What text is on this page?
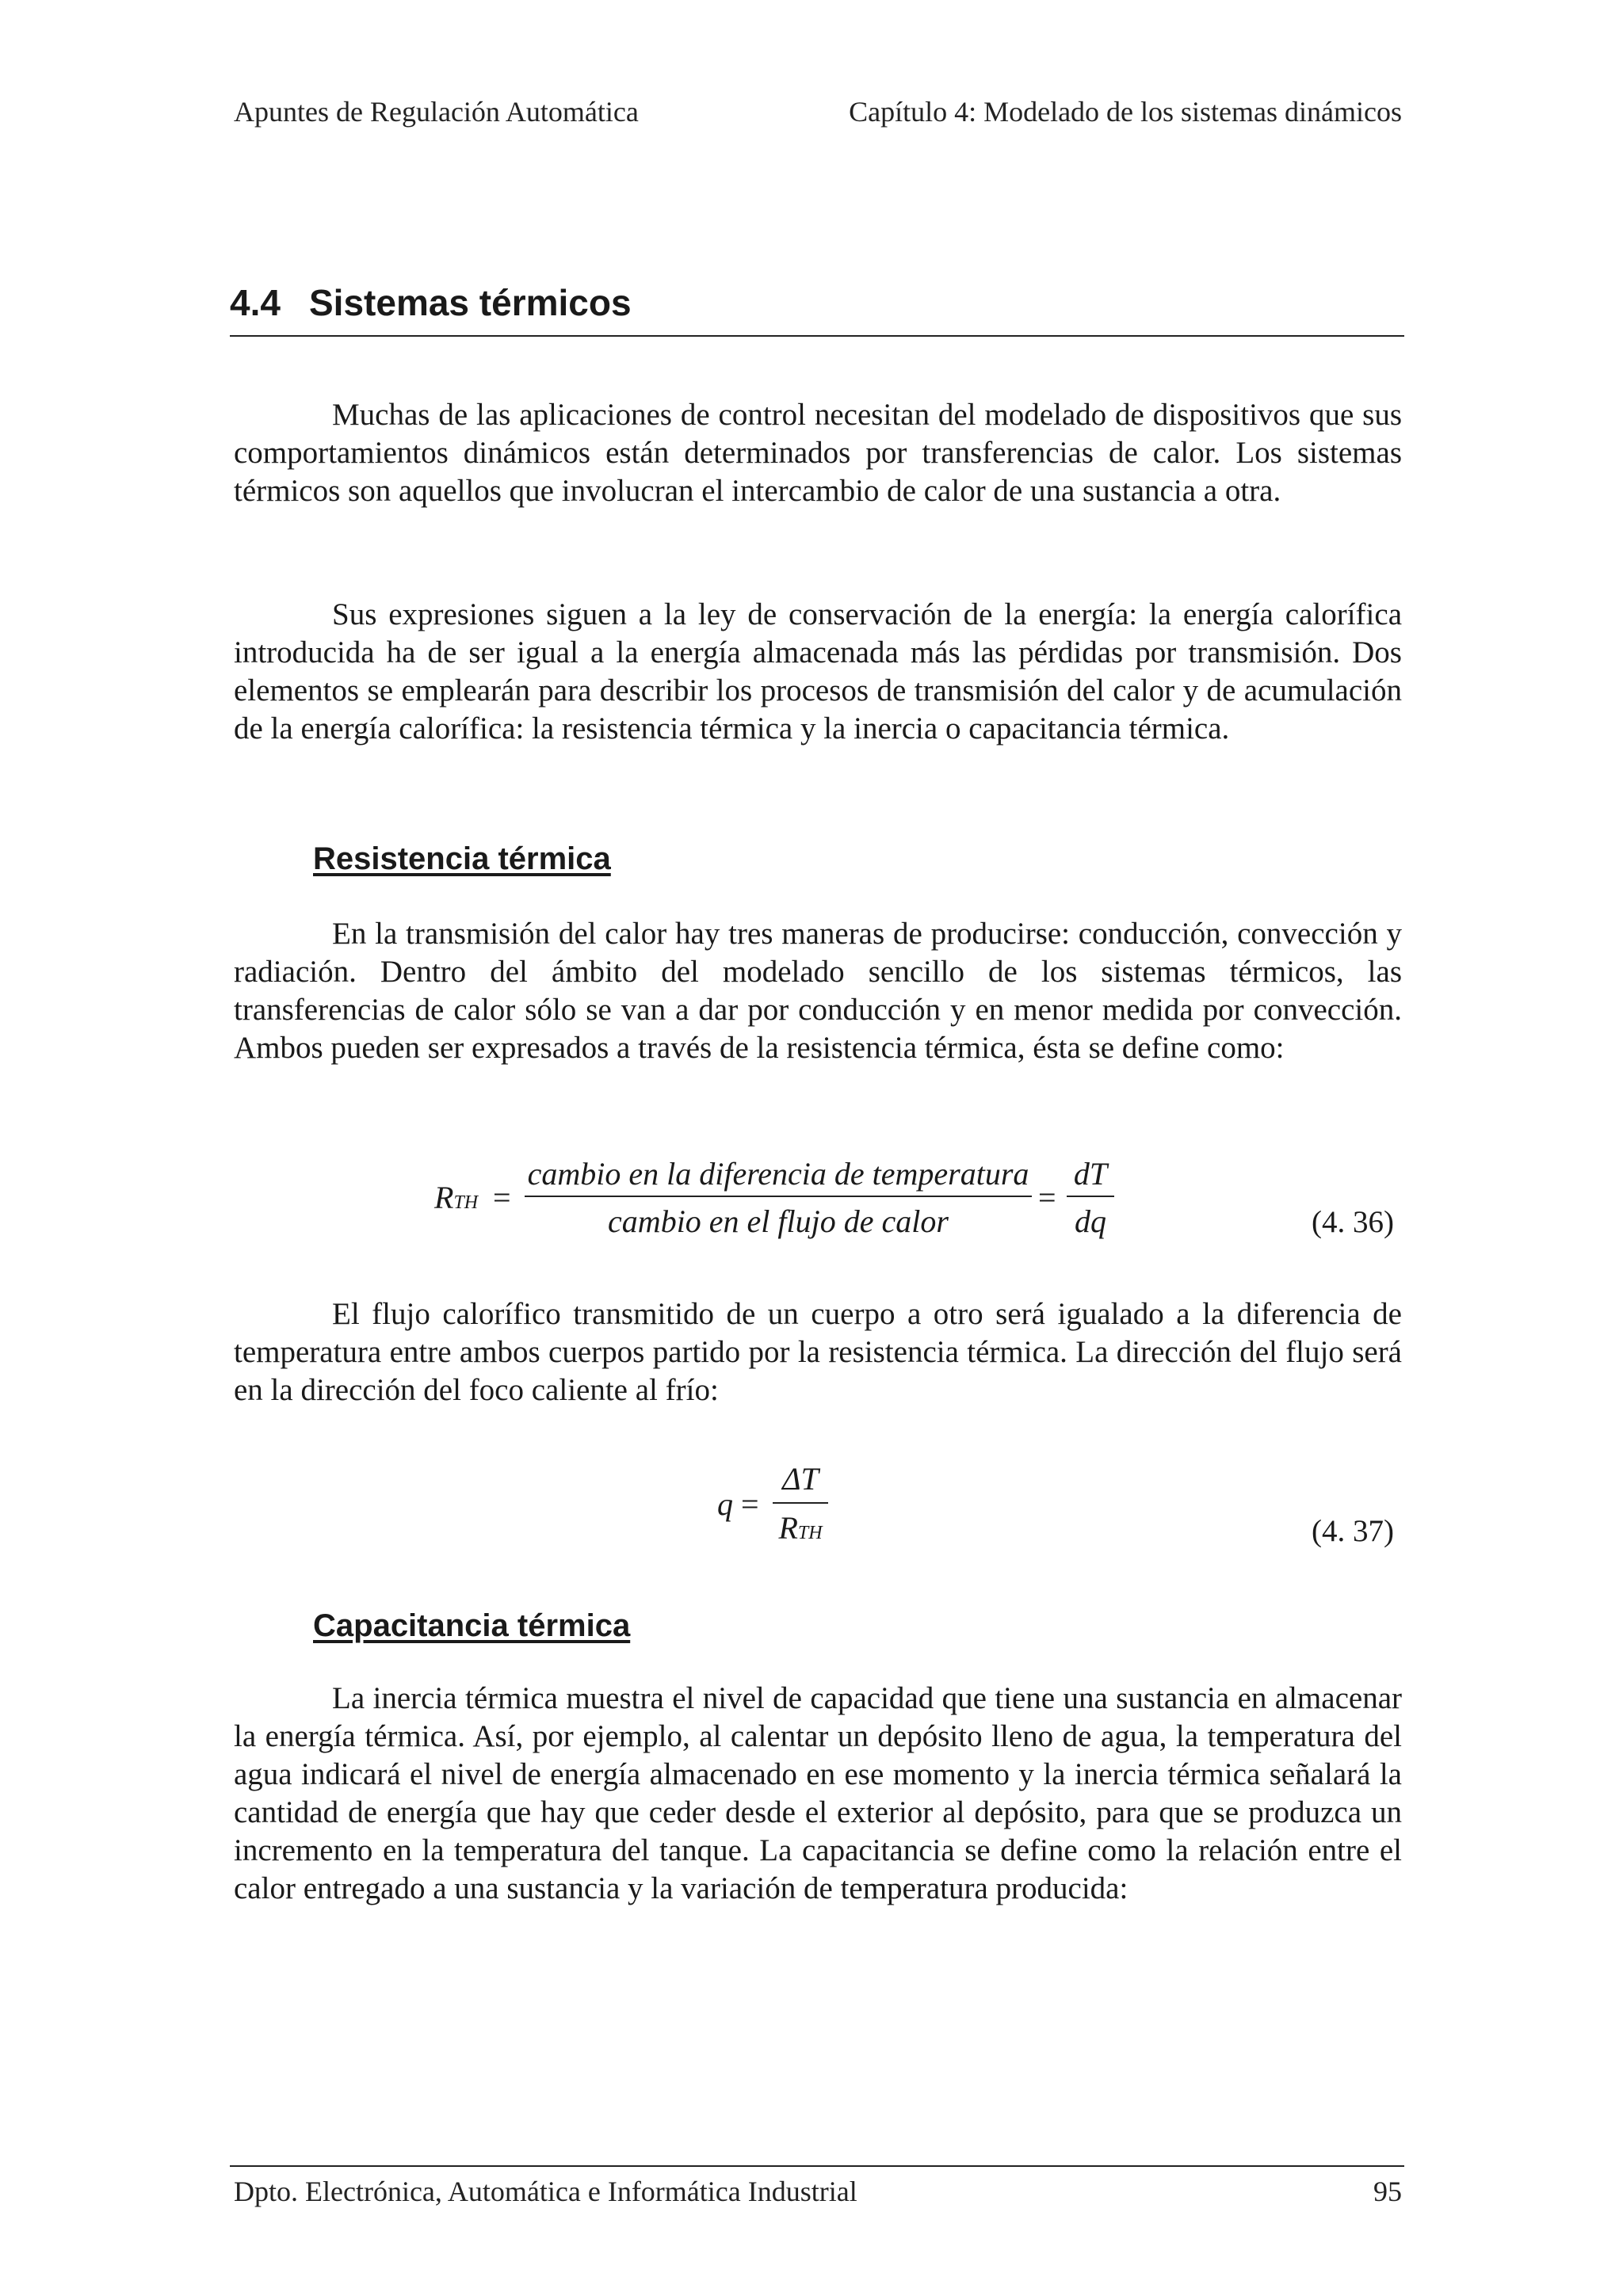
Apuntes de Regulación Automática	Capítulo 4: Modelado de los sistemas dinámicos
4.4 Sistemas térmicos

Muchas de las aplicaciones de control necesitan del modelado de dispositivos que sus comportamientos dinámicos están determinados por transferencias de calor. Los sistemas térmicos son aquellos que involucran el intercambio de calor de una sustancia a otra.

Sus expresiones siguen a la ley de conservación de la energía: la energía calorífica introducida ha de ser igual a la energía almacenada más las pérdidas por transmisión. Dos elementos se emplearán para describir los procesos de transmisión del calor y de acumulación de la energía calorífica: la resistencia térmica y la inercia o capacitancia térmica.

Resistencia térmica

En la transmisión del calor hay tres maneras de producirse: conducción, convección y radiación. Dentro del ámbito del modelado sencillo de los sistemas térmicos, las transferencias de calor sólo se van a dar por conducción y en menor medida por convección. Ambos pueden ser expresados a través de la resistencia térmica, ésta se define como:

RTH =
cambio en la diferencia de temperatura
cambio en el flujo de calor
=
dT
dq	(4. 36)

El flujo calorífico transmitido de un cuerpo a otro será igualado a la diferencia de temperatura entre ambos cuerpos partido por la resistencia térmica. La dirección del flujo será en la dirección del foco caliente al frío:

q =
ΔT
RTH	(4. 37)
Capacitancia térmica

La inercia térmica muestra el nivel de capacidad que tiene una sustancia en almacenar la energía térmica. Así, por ejemplo, al calentar un depósito lleno de agua, la temperatura del agua indicará el nivel de energía almacenado en ese momento y la inercia térmica señalará la cantidad de energía que hay que ceder desde el exterior al depósito, para que se produzca un incremento en la temperatura del tanque. La capacitancia se define como la relación entre el calor entregado a una sustancia y la variación de temperatura producida:

Dpto. Electrónica, Automática e Informática Industrial	95
